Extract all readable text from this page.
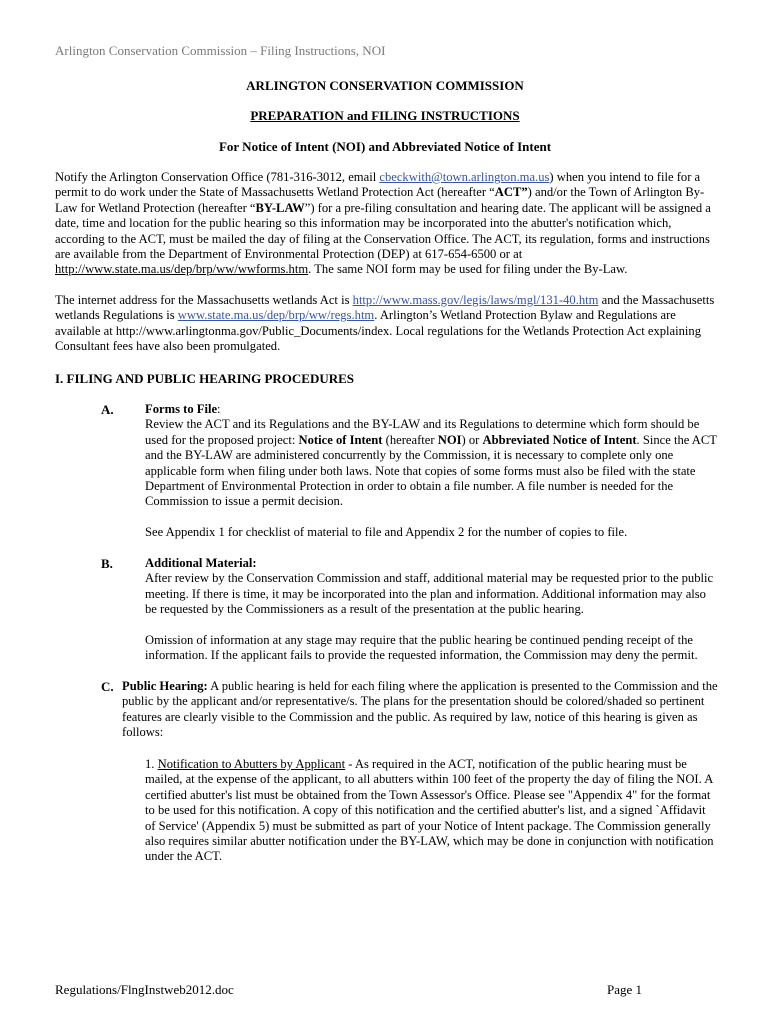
Arlington Conservation Commission – Filing Instructions, NOI
ARLINGTON CONSERVATION COMMISSION
PREPARATION and FILING INSTRUCTIONS
For Notice of Intent (NOI) and Abbreviated Notice of Intent
Notify the Arlington Conservation Office (781-316-3012, email cbeckwith@town.arlington.ma.us) when you intend to file for a permit to do work under the State of Massachusetts Wetland Protection Act (hereafter “ACT”) and/or the Town of Arlington By-Law for Wetland Protection (hereafter “BY-LAW”) for a pre-filing consultation and hearing date. The applicant will be assigned a date, time and location for the public hearing so this information may be incorporated into the abutter's notification which, according to the ACT, must be mailed the day of filing at the Conservation Office. The ACT, its regulation, forms and instructions are available from the Department of Environmental Protection (DEP) at 617-654-6500 or at http://www.state.ma.us/dep/brp/ww/wwforms.htm. The same NOI form may be used for filing under the By-Law.
The internet address for the Massachusetts wetlands Act is http://www.mass.gov/legis/laws/mgl/131-40.htm and the Massachusetts wetlands Regulations is www.state.ma.us/dep/brp/ww/regs.htm. Arlington’s Wetland Protection Bylaw and Regulations are available at http://www.arlingtonma.gov/Public_Documents/index. Local regulations for the Wetlands Protection Act explaining Consultant fees have also been promulgated.
I. FILING AND PUBLIC HEARING PROCEDURES
A. Forms to File:
Review the ACT and its Regulations and the BY-LAW and its Regulations to determine which form should be used for the proposed project: Notice of Intent (hereafter NOI) or Abbreviated Notice of Intent. Since the ACT and the BY-LAW are administered concurrently by the Commission, it is necessary to complete only one applicable form when filing under both laws. Note that copies of some forms must also be filed with the state Department of Environmental Protection in order to obtain a file number. A file number is needed for the Commission to issue a permit decision.
See Appendix 1 for checklist of material to file and Appendix 2 for the number of copies to file.
B.	Additional Material:
After review by the Conservation Commission and staff, additional material may be requested prior to the public meeting. If there is time, it may be incorporated into the plan and information. Additional information may also be requested by the Commissioners as a result of the presentation at the public hearing.
Omission of information at any stage may require that the public hearing be continued pending receipt of the information. If the applicant fails to provide the requested information, the Commission may deny the permit.
C. Public Hearing: A public hearing is held for each filing where the application is presented to the Commission and the public by the applicant and/or representative/s. The plans for the presentation should be colored/shaded so pertinent features are clearly visible to the Commission and the public. As required by law, notice of this hearing is given as follows:
1. Notification to Abutters by Applicant - As required in the ACT, notification of the public hearing must be mailed, at the expense of the applicant, to all abutters within 100 feet of the property the day of filing the NOI. A certified abutter's list must be obtained from the Town Assessor's Office. Please see "Appendix 4" for the format to be used for this notification. A copy of this notification and the certified abutter's list, and a signed `Affidavit of Service' (Appendix 5) must be submitted as part of your Notice of Intent package. The Commission generally also requires similar abutter notification under the BY-LAW, which may be done in conjunction with notification under the ACT.
Regulations/FlngInstweb2012.doc	Page 1
